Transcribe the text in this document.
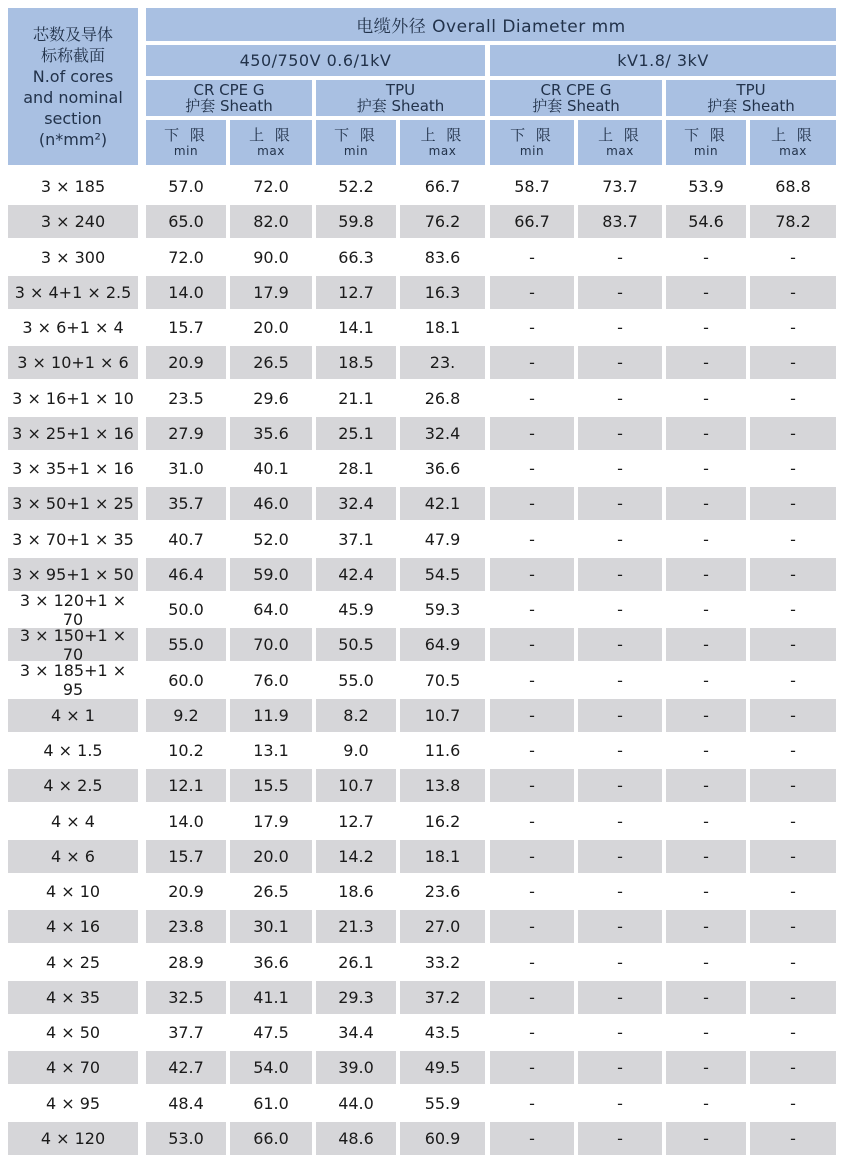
芯数及导体
标称截面
N.of cores
and nominal
section
(n*mm²)
电缆外径 Overall Diameter mm
450/750V 0.6/1kV	kV1.8/ 3kV
CR CPE G
护套 Sheath
TPU
护套 Sheath
CR CPE G
护套 Sheath
TPU
护套 Sheath
下 限
min
上 限
max
下 限
min
上 限
max
下 限
min
上 限
max
下 限
min
上 限
max
3 × 185	57.0	72.0	52.2	66.7	58.7	73.7	53.9	68.8
3 × 240	65.0	82.0	59.8	76.2	66.7	83.7	54.6	78.2
3 × 300	72.0	90.0	66.3	83.6	-	-	-	-
3 × 4+1 × 2.5	14.0	17.9	12.7	16.3	-	-	-	-
3 × 6+1 × 4	15.7	20.0	14.1	18.1	-	-	-	-
3 × 10+1 × 6	20.9	26.5	18.5	23.	-	-	-	-
3 × 16+1 × 10	23.5	29.6	21.1	26.8	-	-	-	-
3 × 25+1 × 16	27.9	35.6	25.1	32.4	-	-	-	-
3 × 35+1 × 16	31.0	40.1	28.1	36.6	-	-	-	-
3 × 50+1 × 25	35.7	46.0	32.4	42.1	-	-	-	-
3 × 70+1 × 35	40.7	52.0	37.1	47.9	-	-	-	-
3 × 95+1 × 50	46.4	59.0	42.4	54.5	-	-	-	-
3 × 120+1 × 70	50.0	64.0	45.9	59.3	-	-	-	-
3 × 150+1 × 70	55.0	70.0	50.5	64.9	-	-	-	-
3 × 185+1 × 95	60.0	76.0	55.0	70.5	-	-	-	-
4 × 1	9.2	11.9	8.2	10.7	-	-	-	-
4 × 1.5	10.2	13.1	9.0	11.6	-	-	-	-
4 × 2.5	12.1	15.5	10.7	13.8	-	-	-	-
4 × 4	14.0	17.9	12.7	16.2	-	-	-	-
4 × 6	15.7	20.0	14.2	18.1	-	-	-	-
4 × 10	20.9	26.5	18.6	23.6	-	-	-	-
4 × 16	23.8	30.1	21.3	27.0	-	-	-	-
4 × 25	28.9	36.6	26.1	33.2	-	-	-	-
4 × 35	32.5	41.1	29.3	37.2	-	-	-	-
4 × 50	37.7	47.5	34.4	43.5	-	-	-	-
4 × 70	42.7	54.0	39.0	49.5	-	-	-	-
4 × 95	48.4	61.0	44.0	55.9	-	-	-	-
4 × 120	53.0	66.0	48.6	60.9	-	-	-	-
